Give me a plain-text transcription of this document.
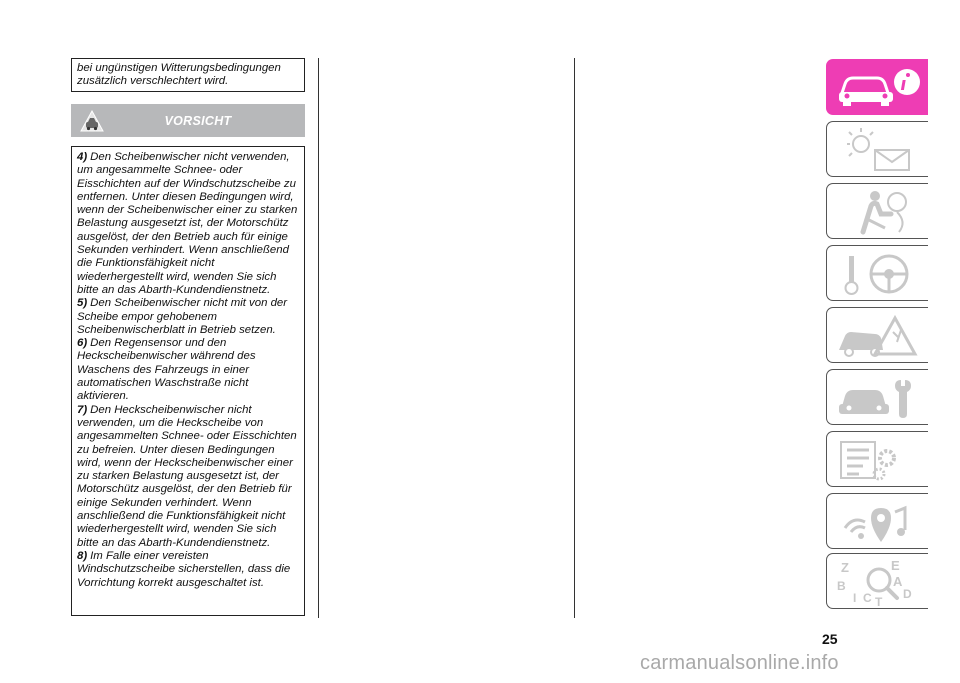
bei ungünstigen Witterungsbedingungen zusätzlich verschlechtert wird.
VORSICHT

4) Den Scheibenwischer nicht verwenden, um angesammelte Schnee- oder Eisschichten auf der Windschutzscheibe zu entfernen. Unter diesen Bedingungen wird, wenn der Scheibenwischer einer zu starken Belastung ausgesetzt ist, der Motorschütz ausgelöst, der den Betrieb auch für einige Sekunden verhindert. Wenn anschließend die Funktionsfähigkeit nicht wiederhergestellt wird, wenden Sie sich bitte an das Abarth-Kundendienstnetz.

5) Den Scheibenwischer nicht mit von der Scheibe empor gehobenem Scheibenwischerblatt in Betrieb setzen.

6) Den Regensensor und den Heckscheibenwischer während des Waschens des Fahrzeugs in einer automatischen Waschstraße nicht aktivieren.

7) Den Heckscheibenwischer nicht verwenden, um die Heckscheibe von angesammelten Schnee- oder Eisschichten zu befreien. Unter diesen Bedingungen wird, wenn der Heckscheibenwischer einer zu starken Belastung ausgesetzt ist, der Motorschütz ausgelöst, der den Betrieb für einige Sekunden verhindert. Wenn anschließend die Funktionsfähigkeit nicht wiederhergestellt wird, wenden Sie sich bitte an das Abarth-Kundendienstnetz.

8) Im Falle einer vereisten Windschutzscheibe sicherstellen, dass die Vorrichtung korrekt ausgeschaltet ist.

Z	E
B	A
I C T
D
25
carmanualsonline.info
